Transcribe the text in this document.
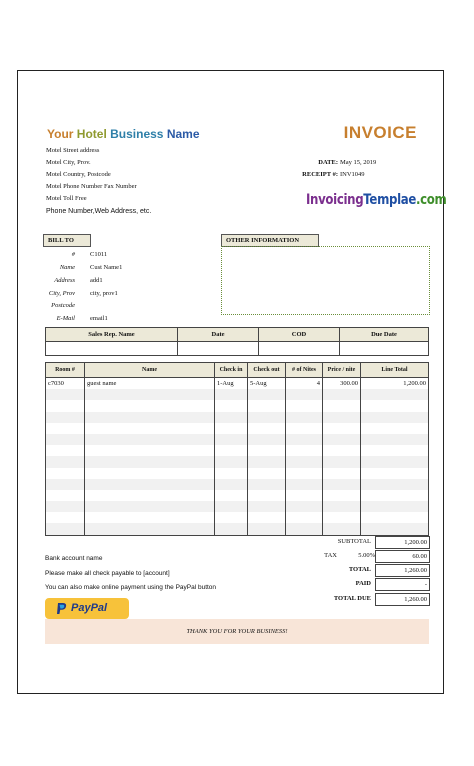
Your Hotel Business Name
Motel Street address
Motel City, Prov.
Motel Country, Postcode
Motel Phone Number Fax Number
Motel Toll Free
Phone Number,Web Address, etc.
INVOICE
DATE: May 15, 2019
RECEIPT #: INV1049
InvoicingTemplae.com
BILL TO
# C1011
Name Cust Name1
Address add1
City, Prov city, prov1
Postcode
E-Mail email1
OTHER INFORMATION
Sales Rep. Name	Date	COD	Due Date

Room #	Name	Check in	Check out	# of Nites	Price / nite	Line Total
c7030	guest name	1-Aug	5-Aug	4	300.00	1,200.00

SUBTOTAL	1,200.00
TAX	5.00%	60.00
TOTAL	1,260.00
PAID	-
TOTAL DUE	1,260.00
Bank account name
Please make all check payable to [account]
You can also make online payment using the PayPal button
PayPal
THANK YOU FOR YOUR BUSINESS!
